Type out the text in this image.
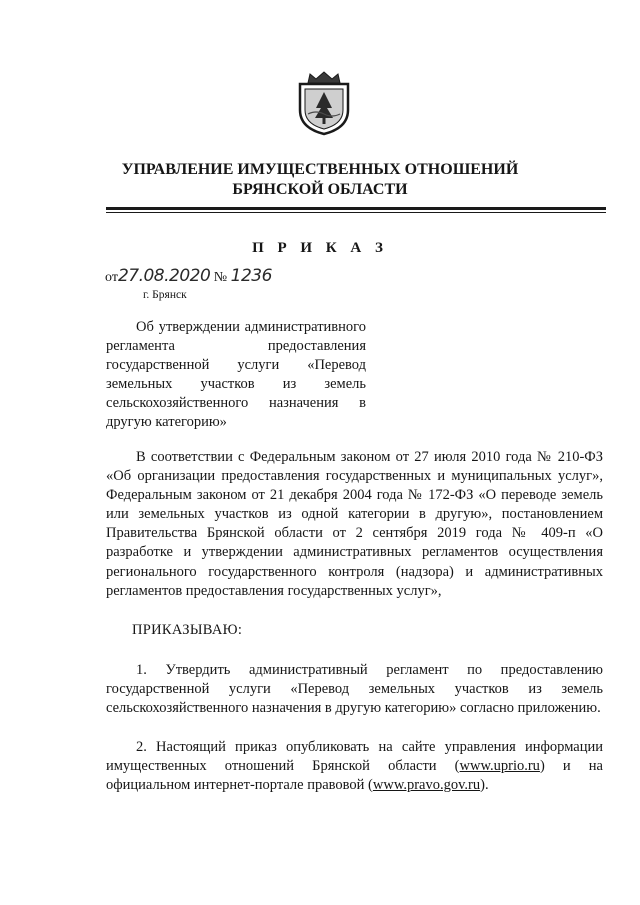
УПРАВЛЕНИЕ ИМУЩЕСТВЕННЫХ ОТНОШЕНИЙ
БРЯНСКОЙ ОБЛАСТИ
П Р И К А З
от27.08.2020 № 1236
г. Брянск
Об утверждении административного регламента предоставления государственной услуги «Перевод земельных участков из земель сельскохозяйственного назначения в другую категорию»
В соответствии с Федеральным законом от 27 июля 2010 года № 210-ФЗ «Об организации предоставления государственных и муниципальных услуг», Федеральным законом от 21 декабря 2004 года № 172-ФЗ «О переводе земель или земельных участков из одной категории в другую», постановлением Правительства Брянской области от 2 сентября 2019 года № 409-п «О разработке и утверждении административных регламентов осуществления регионального государственного контроля (надзора) и административных регламентов предоставления государственных услуг»,
ПРИКАЗЫВАЮ:
1. Утвердить административный регламент по предоставлению государственной услуги «Перевод земельных участков из земель сельскохозяйственного назначения в другую категорию» согласно приложению.
2. Настоящий приказ опубликовать на сайте управления информации имущественных отношений Брянской области (www.uprio.ru) и на официальном интернет-портале правовой (www.pravo.gov.ru).
